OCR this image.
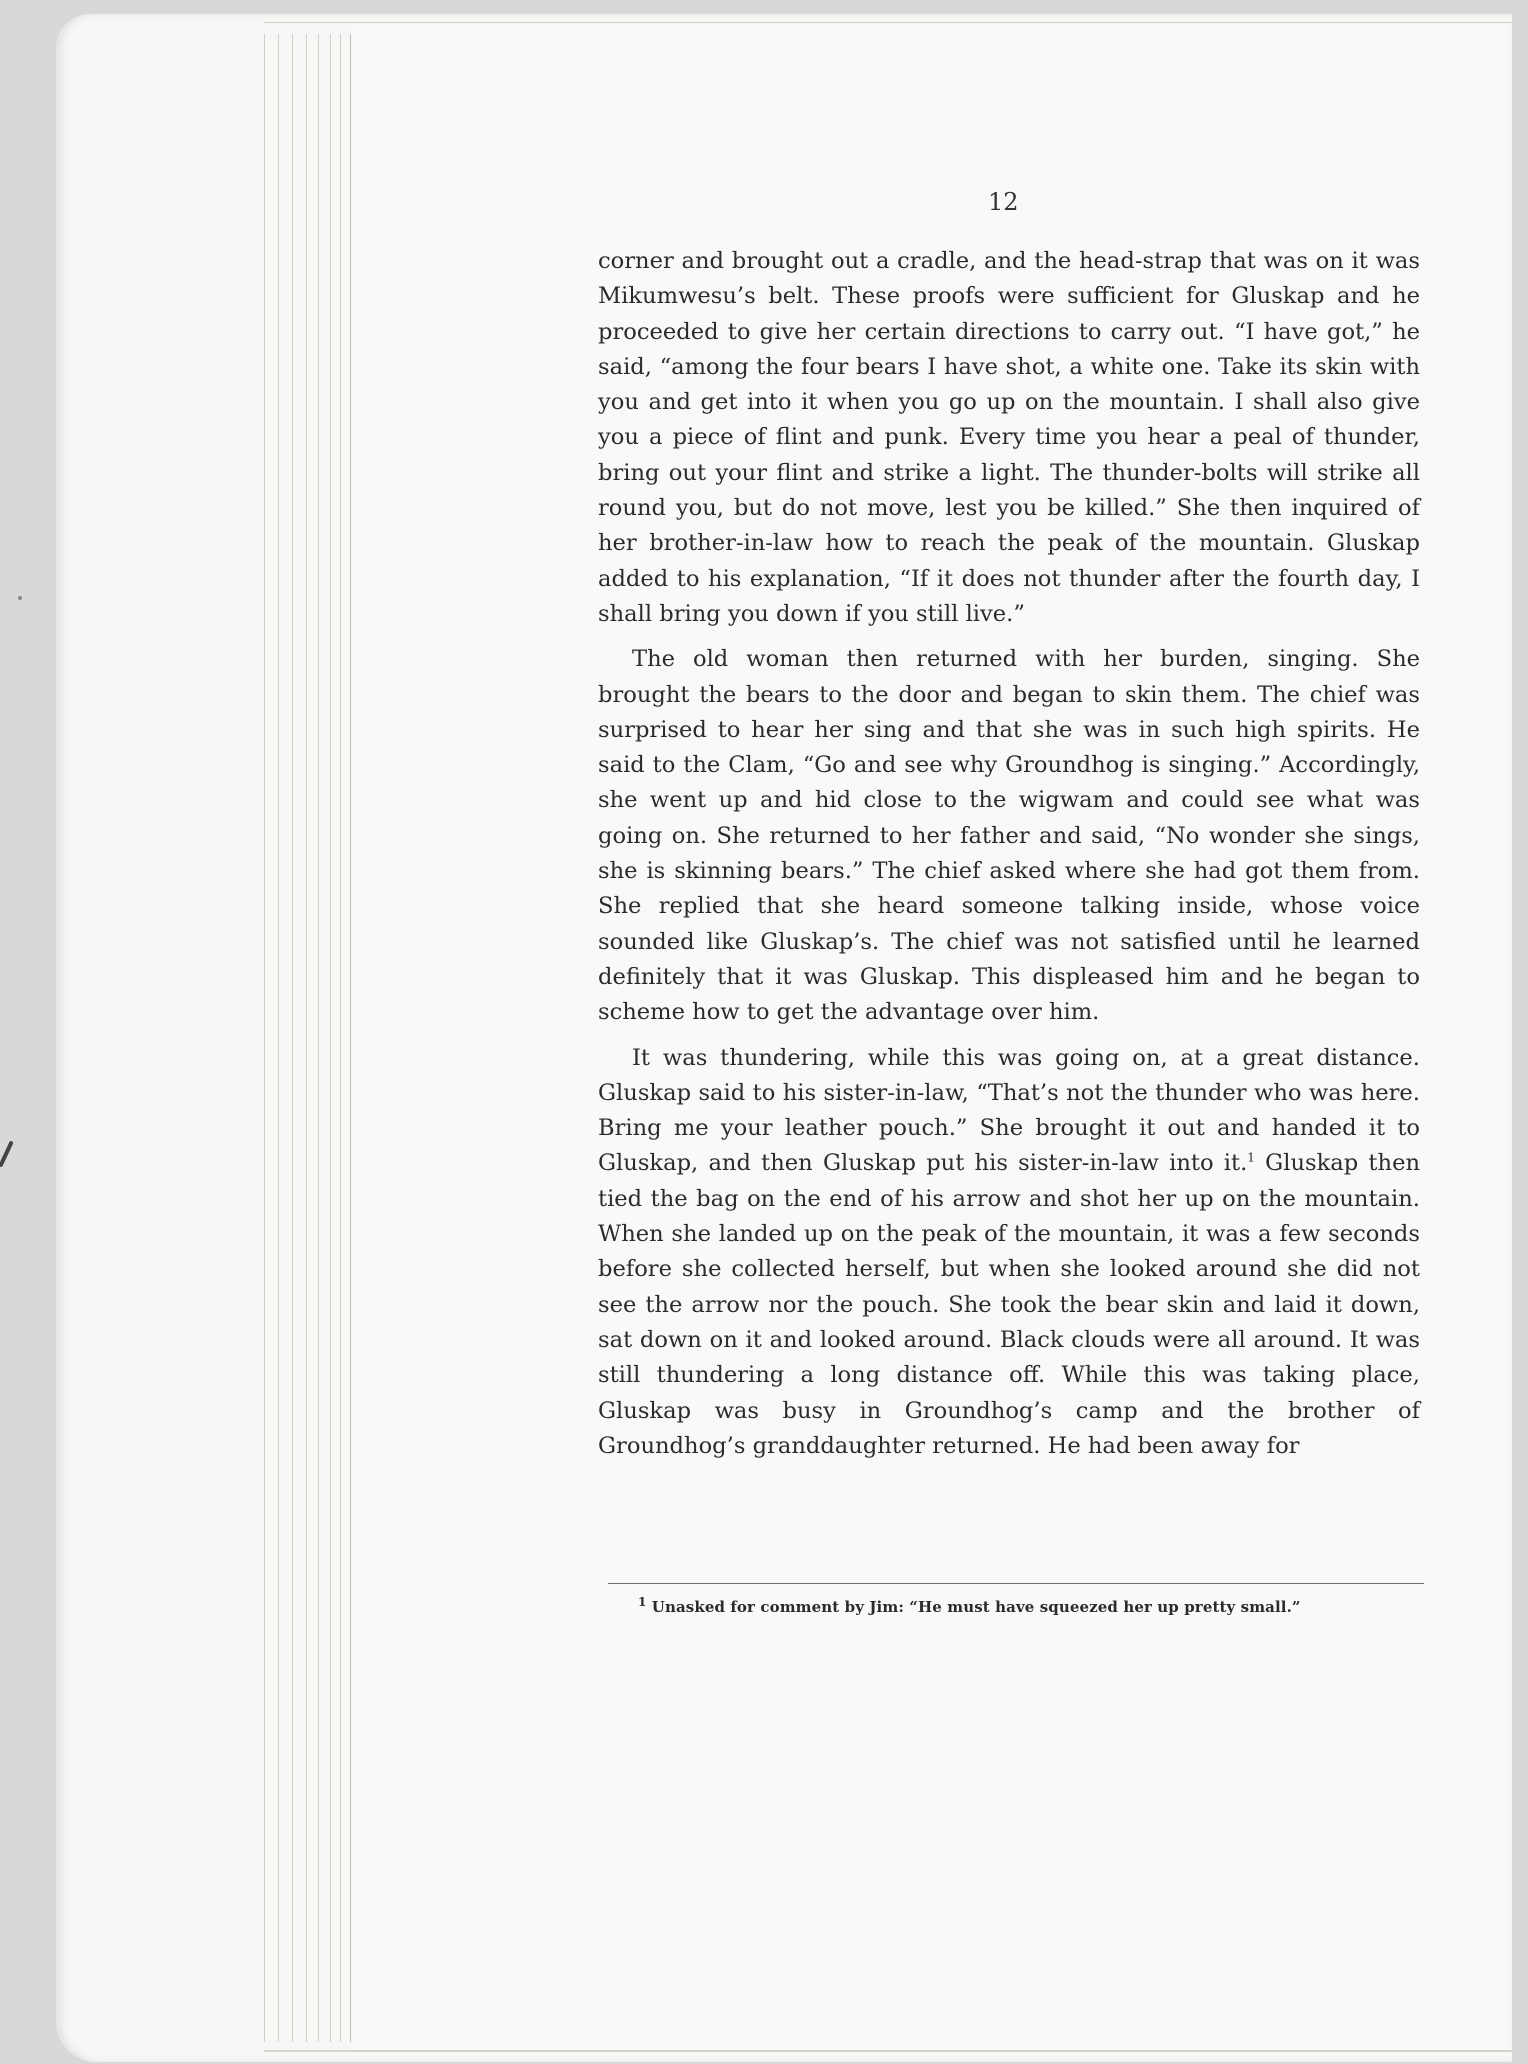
12

corner and brought out a cradle, and the head-strap that was on it was Mikumwesu’s belt. These proofs were sufficient for Gluskap and he proceeded to give her certain directions to carry out. “I have got,” he said, “among the four bears I have shot, a white one. Take its skin with you and get into it when you go up on the mountain. I shall also give you a piece of flint and punk. Every time you hear a peal of thunder, bring out your flint and strike a light. The thunder-bolts will strike all round you, but do not move, lest you be killed.” She then inquired of her brother-in-law how to reach the peak of the mountain. Gluskap added to his explanation, “If it does not thunder after the fourth day, I shall bring you down if you still live.”

The old woman then returned with her burden, singing. She brought the bears to the door and began to skin them. The chief was surprised to hear her sing and that she was in such high spirits. He said to the Clam, “Go and see why Groundhog is singing.” Accordingly, she went up and hid close to the wigwam and could see what was going on. She returned to her father and said, “No wonder she sings, she is skinning bears.” The chief asked where she had got them from. She replied that she heard someone talking inside, whose voice sounded like Gluskap’s. The chief was not satisfied until he learned definitely that it was Gluskap. This displeased him and he began to scheme how to get the advantage over him.

It was thundering, while this was going on, at a great distance. Gluskap said to his sister-in-law, “That’s not the thunder who was here. Bring me your leather pouch.” She brought it out and handed it to Gluskap, and then Gluskap put his sister-in-law into it.$^1$ Gluskap then tied the bag on the end of his arrow and shot her up on the mountain. When she landed up on the peak of the mountain, it was a few seconds before she collected herself, but when she looked around she did not see the arrow nor the pouch. She took the bear skin and laid it down, sat down on it and looked around. Black clouds were all around. It was still thundering a long distance off. While this was taking place, Gluskap was busy in Groundhog’s camp and the brother of Groundhog’s granddaughter returned. He had been away for

$^1$ Unasked for comment by Jim: “He must have squeezed her up pretty small.”
